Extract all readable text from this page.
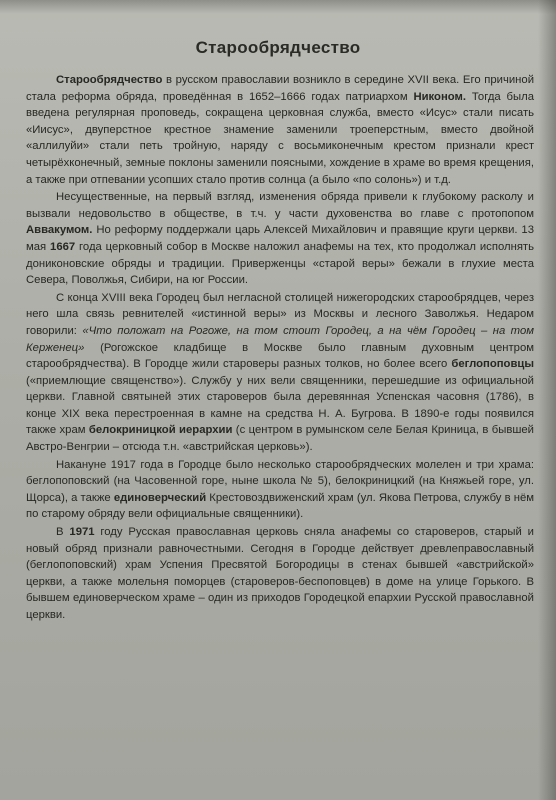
Старообрядчество

Старообрядчество в русском православии возникло в середине XVII века. Его причиной стала реформа обряда, проведённая в 1652–1666 годах патриархом Никоном. Тогда была введена регулярная проповедь, сокращена церковная служба, вместо «Исус» стали писать «Иисус», двуперстное крестное знамение заменили троеперстным, вместо двойной «аллилуйи» стали петь тройную, наряду с восьмиконечным крестом признали крест четырёхконечный, земные поклоны заменили поясными, хождение в храме во время крещения, а также при отпевании усопших стало против солнца (а было «по солонь») и т.д.

Несущественные, на первый взгляд, изменения обряда привели к глубокому расколу и вызвали недовольство в обществе, в т.ч. у части духовенства во главе с протопопом Аввакумом. Но реформу поддержали царь Алексей Михайлович и правящие круги церкви. 13 мая 1667 года церковный собор в Москве наложил анафемы на тех, кто продолжал исполнять дониконовские обряды и традиции. Приверженцы «старой веры» бежали в глухие места Севера, Поволжья, Сибири, на юг России.

С конца XVIII века Городец был негласной столицей нижегородских старообрядцев, через него шла связь ревнителей «истинной веры» из Москвы и лесного Заволжья. Недаром говорили: «Что положат на Рогоже, на том стоит Городец, а на чём Городец – на том Керженец» (Рогожское кладбище в Москве было главным духовным центром старообрядчества). В Городце жили староверы разных толков, но более всего беглопоповцы («приемлющие священство»). Службу у них вели священники, перешедшие из официальной церкви. Главной святыней этих староверов была деревянная Успенская часовня (1786), в конце XIX века перестроенная в камне на средства Н. А. Бугрова. В 1890-е годы появился также храм белокриницкой иерархии (с центром в румынском селе Белая Криница, в бывшей Австро-Венгрии – отсюда т.н. «австрийская церковь»).

Накануне 1917 года в Городце было несколько старообрядческих молелен и три храма: беглопоповский (на Часовенной горе, ныне школа № 5), белокриницкий (на Княжьей горе, ул. Щорса), а также единоверческий Крестовоздвиженский храм (ул. Якова Петрова, службу в нём по старому обряду вели официальные священники).

В 1971 году Русская православная церковь сняла анафемы со староверов, старый и новый обряд признали равночестными. Сегодня в Городце действует древлеправославный (беглопоповский) храм Успения Пресвятой Богородицы в стенах бывшей «австрийской» церкви, а также молельня поморцев (староверов-беспоповцев) в доме на улице Горького. В бывшем единоверческом храме – один из приходов Городецкой епархии Русской православной церкви.
